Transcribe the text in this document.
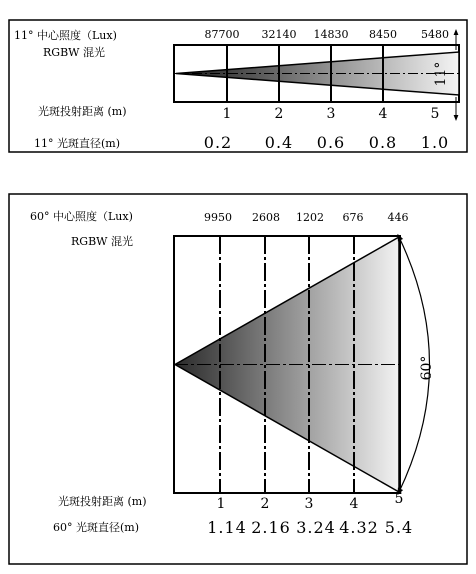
11° 中心照度（Lux)
RGBW 混光
87700 32140 14830 8450 5480
11°
光斑投射距离 (m)	1	2	3	4	5
11° 光斑直径(m)	0.2 0.4 0.6 0.8 1.0
60° 中心照度（Lux)
RGBW 混光
9950 2608 1202 676 446
60°
光斑投射距离 (m)	1	2	3	4	5
60° 光斑直径(m)	1.14 2.16 3.24 4.32 5.4
